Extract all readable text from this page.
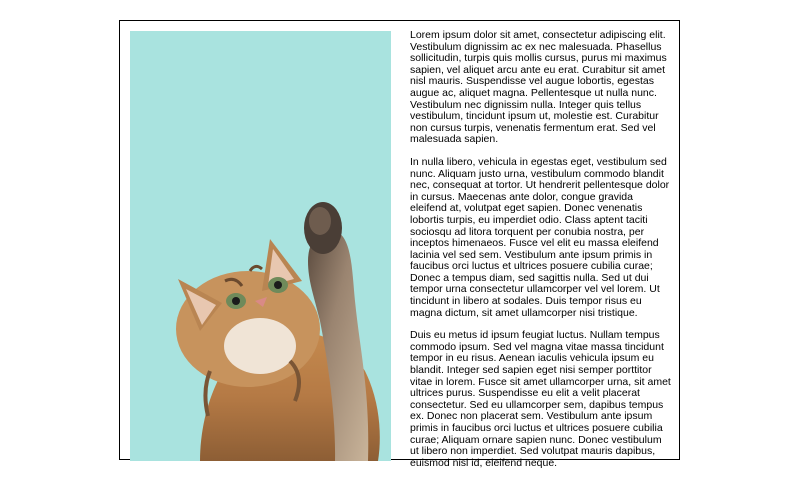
Lorem ipsum dolor sit amet, consectetur adipiscing elit. Vestibulum dignissim ac ex nec malesuada. Phasellus sollicitudin, turpis quis mollis cursus, purus mi maximus sapien, vel aliquet arcu ante eu erat. Curabitur sit amet nisl mauris. Suspendisse vel augue lobortis, egestas augue ac, aliquet magna. Pellentesque ut nulla nunc. Vestibulum nec dignissim nulla. Integer quis tellus vestibulum, tincidunt ipsum ut, molestie est. Curabitur non cursus turpis, venenatis fermentum erat. Sed vel malesuada sapien.

In nulla libero, vehicula in egestas eget, vestibulum sed nunc. Aliquam justo urna, vestibulum commodo blandit nec, consequat at tortor. Ut hendrerit pellentesque dolor in cursus. Maecenas ante dolor, congue gravida eleifend at, volutpat eget sapien. Donec venenatis lobortis turpis, eu imperdiet odio. Class aptent taciti sociosqu ad litora torquent per conubia nostra, per inceptos himenaeos. Fusce vel elit eu massa eleifend lacinia vel sed sem. Vestibulum ante ipsum primis in faucibus orci luctus et ultrices posuere cubilia curae; Donec a tempus diam, sed sagittis nulla. Sed ut dui tempor urna consectetur ullamcorper vel vel lorem. Ut tincidunt in libero at sodales. Duis tempor risus eu magna dictum, sit amet ullamcorper nisi tristique.

Duis eu metus id ipsum feugiat luctus. Nullam tempus commodo ipsum. Sed vel magna vitae massa tincidunt tempor in eu risus. Aenean iaculis vehicula ipsum eu blandit. Integer sed sapien eget nisi semper porttitor vitae in lorem. Fusce sit amet ullamcorper urna, sit amet ultrices purus. Suspendisse eu elit a velit placerat consectetur. Sed eu ullamcorper sem, dapibus tempus ex. Donec non placerat sem. Vestibulum ante ipsum primis in faucibus orci luctus et ultrices posuere cubilia curae; Aliquam ornare sapien nunc. Donec vestibulum ut libero non imperdiet. Sed volutpat mauris dapibus, euismod nisl id, eleifend neque.
